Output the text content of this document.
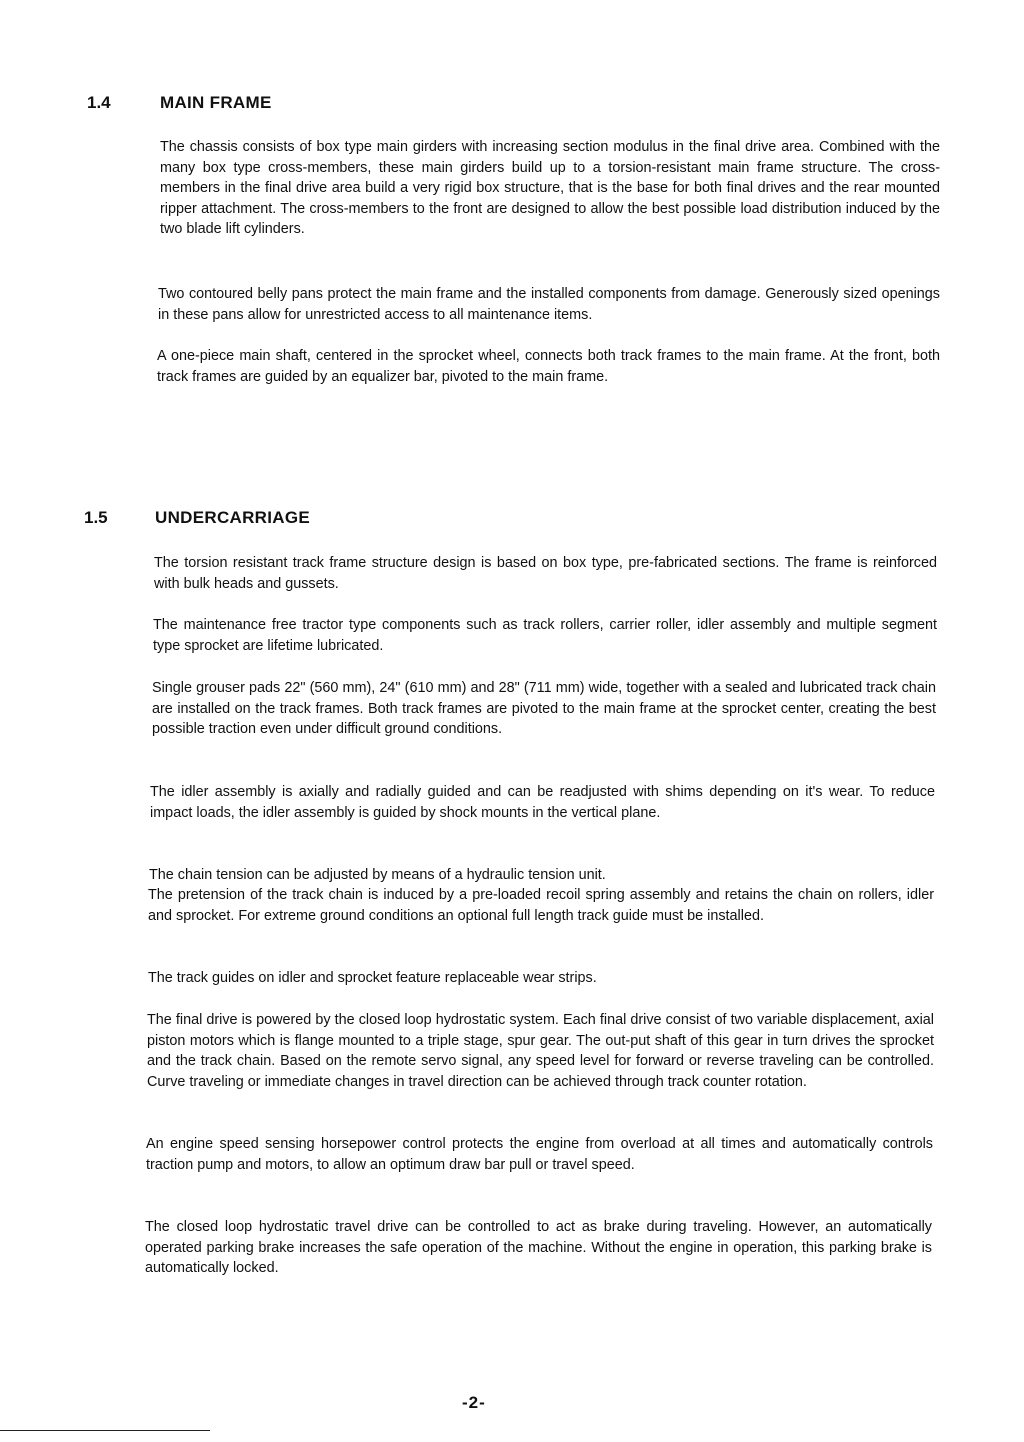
1.4	MAIN FRAME

The chassis consists of box type main girders with increasing section modulus in the final drive area. Combined with the many box type cross-members, these main girders build up to a torsion-resistant main frame structure. The cross-members in the final drive area build a very rigid box structure, that is the base for both final drives and the rear mounted ripper attachment. The cross-members to the front are designed to allow the best possible load distribution induced by the two blade lift cylinders.

Two contoured belly pans protect the main frame and the installed components from damage. Generously sized openings in these pans allow for unrestricted access to all maintenance items.

A one-piece main shaft, centered in the sprocket wheel, connects both track frames to the main frame. At the front, both track frames are guided by an equalizer bar, pivoted to the main frame.

1.5	UNDERCARRIAGE

The torsion resistant track frame structure design is based on box type, pre-fabricated sections. The frame is reinforced with bulk heads and gussets.

The maintenance free tractor type components such as track rollers, carrier roller, idler assembly and multiple segment type sprocket are lifetime lubricated.

Single grouser pads 22" (560 mm), 24" (610 mm) and 28" (711 mm) wide, together with a sealed and lubricated track chain are installed on the track frames. Both track frames are pivoted to the main frame at the sprocket center, creating the best possible traction even under difficult ground conditions.

The idler assembly is axially and radially guided and can be readjusted with shims depending on it's wear. To reduce impact loads, the idler assembly is guided by shock mounts in the vertical plane.

The chain tension can be adjusted by means of a hydraulic tension unit.

The pretension of the track chain is induced by a pre-loaded recoil spring assembly and retains the chain on rollers, idler and sprocket. For extreme ground conditions an optional full length track guide must be installed.

The track guides on idler and sprocket feature replaceable wear strips.

The final drive is powered by the closed loop hydrostatic system. Each final drive consist of two variable displacement, axial piston motors which is flange mounted to a triple stage, spur gear. The out-put shaft of this gear in turn drives the sprocket and the track chain. Based on the remote servo signal, any speed level for forward or reverse traveling can be controlled. Curve traveling or immediate changes in travel direction can be achieved through track counter rotation.

An engine speed sensing horsepower control protects the engine from overload at all times and automatically controls traction pump and motors, to allow an optimum draw bar pull or travel speed.

The closed loop hydrostatic travel drive can be controlled to act as brake during traveling. However, an automatically operated parking brake increases the safe operation of the machine. Without the engine in operation, this parking brake is automatically locked.

-2-
